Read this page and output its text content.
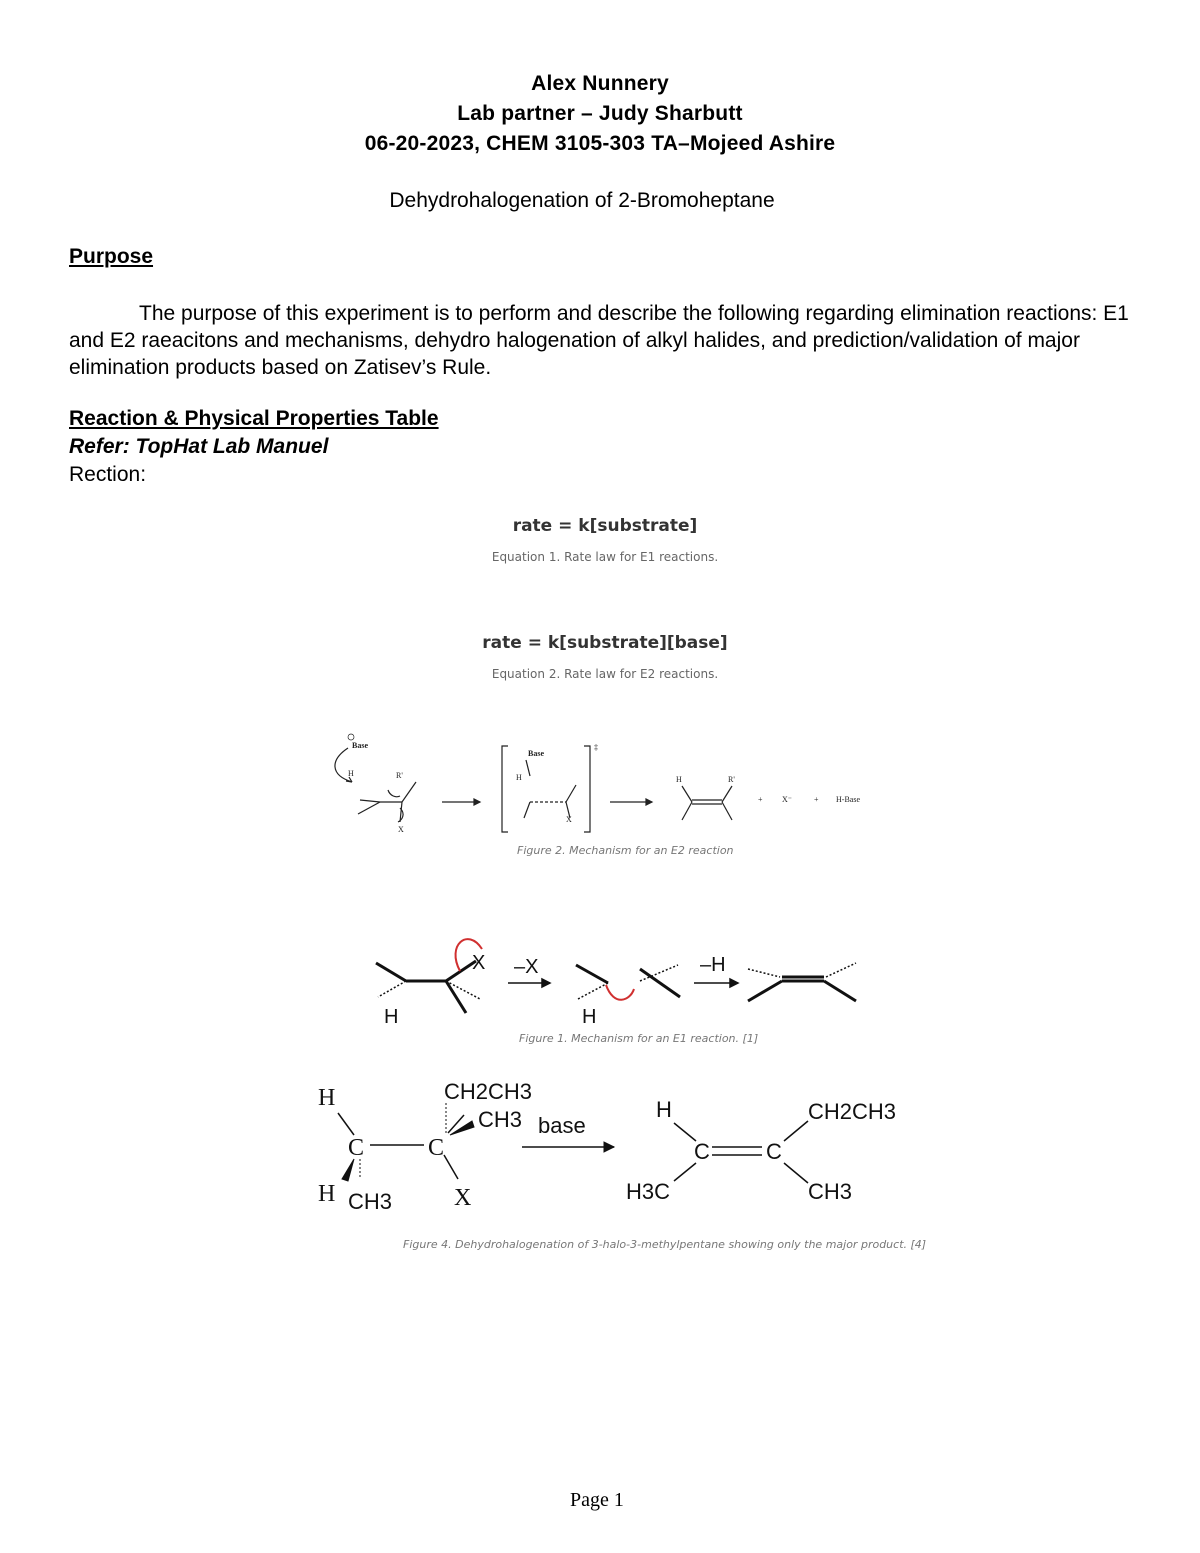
Alex Nunnery
Lab partner – Judy Sharbutt
06-20-2023, CHEM 3105-303 TA–Mojeed Ashire
Dehydrohalogenation of 2-Bromoheptane
Purpose
The purpose of this experiment is to perform and describe the following regarding elimination reactions: E1 and E2 raeacitons and mechanisms, dehydro halogenation of alkyl halides, and prediction/validation of major elimination products based on Zatisev’s Rule.
Reaction & Physical Properties Table
Refer: TopHat Lab Manuel
Rection:
rate = k[substrate]
Equation 1. Rate law for E1 reactions.
rate = k[substrate][base]
Equation 2. Rate law for E2 reactions.
Base
H	R'
X
Base
H
‡
X
H	R'
+ X⁻	+ H-Base
Figure 2. Mechanism for an E2 reaction
X –X	–H
H	H
Figure 1. Mechanism for an E1 reaction. [1]
H
C	C
H	X
CH3
CH2CH3
CH3 base
H
C	C
H3C
CH2CH3
CH3
Figure 4. Dehydrohalogenation of 3-halo-3-methylpentane showing only the major product. [4]
Page 1
